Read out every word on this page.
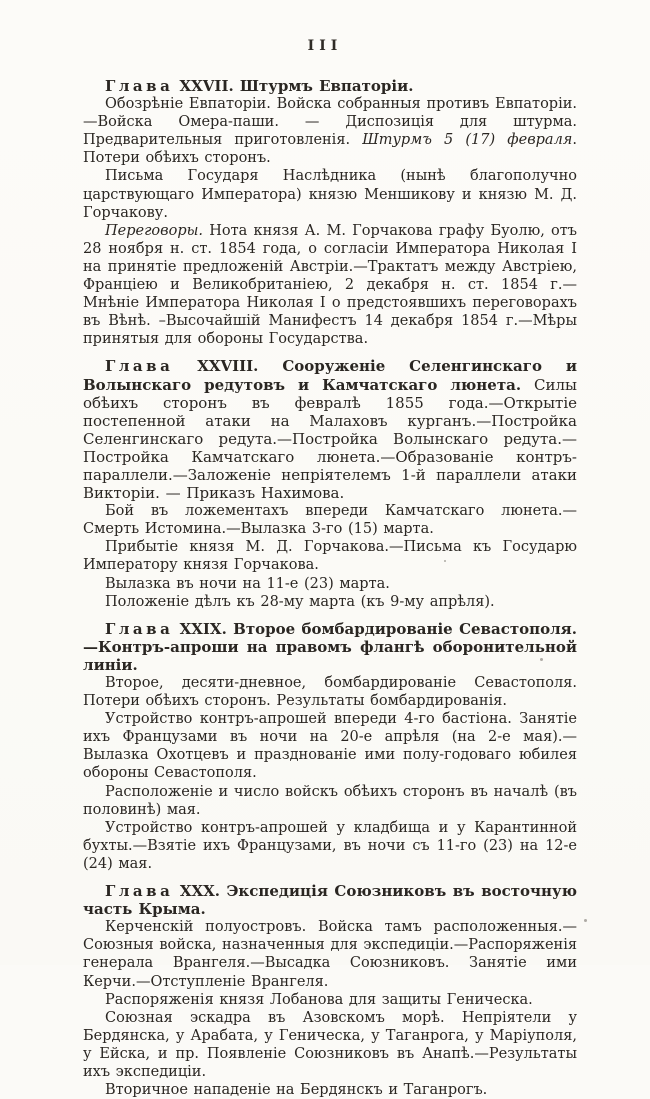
III

Глава XXVII. Штурмъ Евпаторіи.

Обозрѣніе Евпаторіи. Войска собранныя противъ Евпаторіи.—Войска Омера-паши. — Диспозиція для штурма. Предварительныя приготовленія. Штурмъ 5 (17) февраля. Потери обѣихъ сторонъ.

Письма Государя Наслѣдника (нынѣ благополучно царствующаго Императора) князю Меншикову и князю М. Д. Горчакову.

Переговоры. Нота князя А. М. Горчакова графу Буолю, отъ 28 ноября н. ст. 1854 года, о согласіи Императора Николая I на принятіе предложеній Австріи.—Трактатъ между Австріею, Франціею и Великобританіею, 2 декабря н. ст. 1854 г.—Мнѣніе Императора Николая I о предстоявшихъ переговорахъ въ Вѣнѣ. –Высочайшій Манифестъ 14 декабря 1854 г.—Мѣры принятыя для обороны Государства.

Глава XXVIII. Сооруженіе Селенгинскаго и Волынскаго редутовъ и Камчатскаго люнета. Силы обѣихъ сторонъ въ февралѣ 1855 года.—Открытіе постепенной атаки на Малаховъ курганъ.—Постройка Селенгинскаго редута.—Постройка Волынскаго редута.—Постройка Камчатскаго люнета.—Образованіе контръ-параллели.—Заложеніе непріятелемъ 1-й параллели атаки Викторіи. — Приказъ Нахимова.

Бой въ ложементахъ впереди Камчатскаго люнета.—Смерть Истомина.—Вылазка 3-го (15) марта.

Прибытіе князя М. Д. Горчакова.—Письма къ Государю Императору князя Горчакова.

Вылазка въ ночи на 11-е (23) марта.

Положеніе дѣлъ къ 28-му марта (къ 9-му апрѣля).

Глава XXIX. Второе бомбардированіе Севастополя.—Контръ-апроши на правомъ флангѣ оборонительной линіи.

Второе, десяти-дневное, бомбардированіе Севастополя. Потери обѣихъ сторонъ. Результаты бомбардированія.

Устройство контръ-апрошей впереди 4-го бастіона. Занятіе ихъ Французами въ ночи на 20-е апрѣля (на 2-е мая).—Вылазка Охотцевъ и празднованіе ими полу-годоваго юбилея обороны Севастополя.

Расположеніе и число войскъ обѣихъ сторонъ въ началѣ (въ половинѣ) мая.

Устройство контръ-апрошей у кладбища и у Карантинной бухты.—Взятіе ихъ Французами, въ ночи съ 11-го (23) на 12-е (24) мая.

Глава XXX. Экспедиція Союзниковъ въ восточную часть Крыма.

Керченскій полуостровъ. Войска тамъ расположенныя.—Союзныя войска, назначенныя для экспедиціи.—Распоряженія генерала Врангеля.—Высадка Союзниковъ. Занятіе ими Керчи.—Отступленіе Врангеля.

Распоряженія князя Лобанова для защиты Геническа.

Союзная эскадра въ Азовскомъ морѣ. Непріятели у Бердянска, у Арабата, у Геническа, у Таганрога, у Маріуполя, у Ейска, и пр. Появленіе Союзниковъ въ Анапѣ.—Результаты ихъ экспедиціи.

Вторичное нападеніе на Бердянскъ и Таганрогъ.
